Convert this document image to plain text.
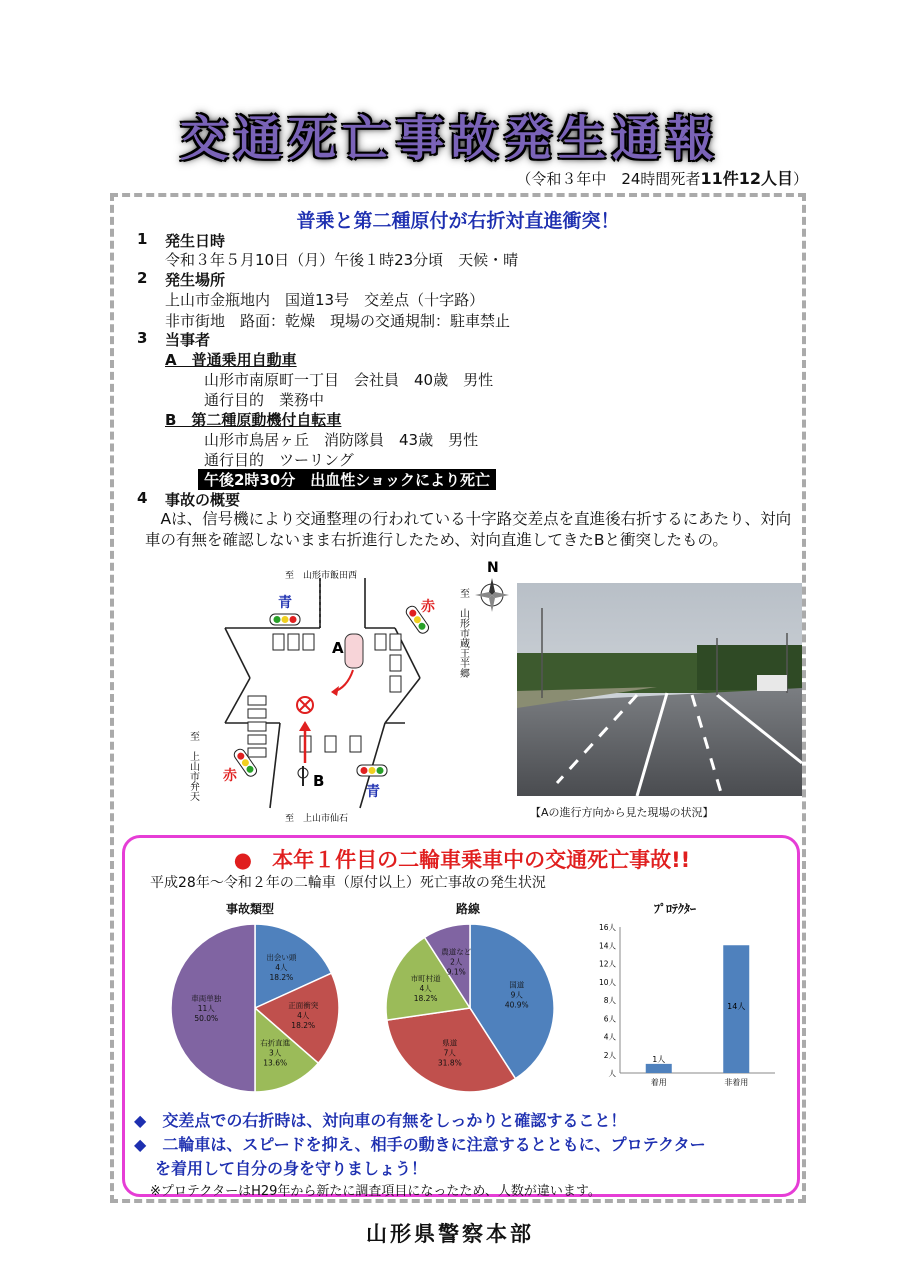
交通死亡事故発生通報
（令和３年中　24時間死者11件12人目）
普乗と第二種原付が右折対直進衝突！
1 発生日時
令和３年５月10日（月）午後１時23分頃　天候・晴
2 発生場所
上山市金瓶地内　国道13号　交差点（十字路）
非市街地　路面：乾燥　現場の交通規制：駐車禁止
3 当事者
A　普通乗用自動車
山形市南原町一丁目　会社員　40歳　男性
通行目的　業務中
B　第二種原動機付自転車
山形市鳥居ヶ丘　消防隊員　43歳　男性
通行目的　ツーリング
午後2時30分　出血性ショックにより死亡
4 事故の概要
Aは、信号機により交通整理の行われている十字路交差点を直進後右折するにあたり、対向車の有無を確認しないまま右折進行したため、対向直進してきたBと衝突したもの。
A
B
青	赤
赤
青
至　山形市飯田西
至　上山市仙石
至　上山市弁天
至　山形市蔵王半郷
N
【Aの進行方向から見た現場の状況】
● 本年１件目の二輪車乗車中の交通死亡事故!!
平成28年～令和２年の二輪車（原付以上）死亡事故の発生状況
事故類型	路線	ﾌﾟﾛﾃｸﾀｰ
出会い頭
4人
18.2%
正面衝突
4人
18.2%
右折直進
3人
13.6%
車両単独
11人
50.0%
国道
9人
40.9%
県道
7人
31.8%
市町村道
4人
18.2%
農道など
2人
9.1%
人
2人
4人
6人
8人
10人
12人
14人
16人
1人
着用
14人
非着用
◆ 交差点での右折時は、対向車の有無をしっかりと確認すること！
◆ 二輪車は、スピードを抑え、相手の動きに注意するとともに、プロテクター
を着用して自分の身を守りましょう！
※プロテクターはH29年から新たに調査項目になったため、人数が違います。
山形県警察本部
